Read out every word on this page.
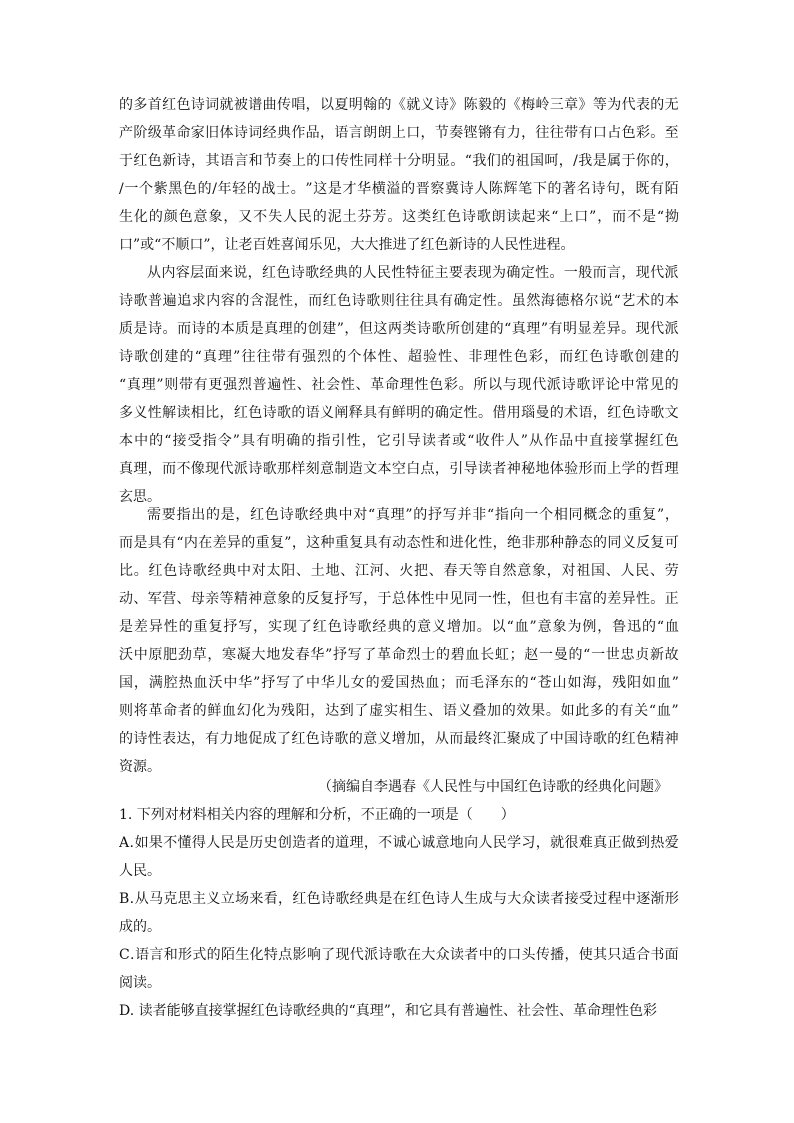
的 多 首 红 色 诗 词 就 被 谱 曲 传 唱 ， 以 夏 明 翰 的 《 就 义 诗 》 陈 毅 的 《 梅 岭 三 章 》 等 为 代 表 的 无
产 阶 级 革 命 家 旧 体 诗 词 经 典 作 品 ， 语 言 朗 朗 上 口 ， 节 奏 铿 锵 有 力 ， 往 往 带 有 口 占 色 彩 。 至
于 红 色 新 诗 ， 其 语 言 和 节 奏 上 的 口 传 性 同 样 十 分 明 显 。 “ 我 们 的 祖 国 呵 ， / 我 是 属 于 你 的 ，
/ 一 个 紫 黑 色 的 / 年 轻 的 战 士 。 ” 这 是 才 华 横 溢 的 晋 察 冀 诗 人 陈 辉 笔 下 的 著 名 诗 句 ， 既 有 陌
生 化 的 颜 色 意 象 ， 又 不 失 人 民 的 泥 土 芬 芳 。 这 类 红 色 诗 歌 朗 读 起 来 “ 上 口 ” ， 而 不 是 “ 拗
口”或“不顺口”，让老百姓喜闻乐见，大大推进了红色新诗的人民性进程。
从 内 容 层 面 来 说 ， 红 色 诗 歌 经 典 的 人 民 性 特 征 主 要 表 现 为 确 定 性 。 一 般 而 言 ， 现 代 派
诗 歌 普 遍 追 求 内 容 的 含 混 性 ， 而 红 色 诗 歌 则 往 往 具 有 确 定 性 。 虽 然 海 德 格 尔 说 “ 艺 术 的 本
质 是 诗 。 而 诗 的 本 质 是 真 理 的 创 建 ” ， 但 这 两 类 诗 歌 所 创 建 的 “ 真 理 ” 有 明 显 差 异 。 现 代 派
诗 歌 创 建 的 “ 真 理 ” 往 往 带 有 强 烈 的 个 体 性 、 超 验 性 、 非 理 性 色 彩 ， 而 红 色 诗 歌 创 建 的
“ 真 理 ” 则 带 有 更 强 烈 普 遍 性 、 社 会 性 、 革 命 理 性 色 彩 。 所 以 与 现 代 派 诗 歌 评 论 中 常 见 的
多 义 性 解 读 相 比 ， 红 色 诗 歌 的 语 义 阐 释 具 有 鲜 明 的 确 定 性 。 借 用 瑙 曼 的 术 语 ， 红 色 诗 歌 文
本 中 的 “ 接 受 指 令 ” 具 有 明 确 的 指 引 性 ， 它 引 导 读 者 或 “ 收 件 人 ” 从 作 品 中 直 接 掌 握 红 色
真 理 ， 而 不 像 现 代 派 诗 歌 那 样 刻 意 制 造 文 本 空 白 点 ， 引 导 读 者 神 秘 地 体 验 形 而 上 学 的 哲 理
玄思。
需 要 指 出 的 是 ， 红 色 诗 歌 经 典 中 对 “ 真 理 ” 的 抒 写 并 非 “ 指 向 一 个 相 同 概 念 的 重 复 ” ，
而 是 具 有 “ 内 在 差 异 的 重 复 ” ， 这 种 重 复 具 有 动 态 性 和 进 化 性 ， 绝 非 那 种 静 态 的 同 义 反 复 可
比 。 红 色 诗 歌 经 典 中 对 太 阳 、 土 地 、 江 河 、 火 把 、 春 天 等 自 然 意 象 ， 对 祖 国 、 人 民 、 劳
动 、 军 营 、 母 亲 等 精 神 意 象 的 反 复 抒 写 ， 于 总 体 性 中 见 同 一 性 ， 但 也 有 丰 富 的 差 异 性 。 正
是 差 异 性 的 重 复 抒 写 ， 实 现 了 红 色 诗 歌 经 典 的 意 义 增 加 。 以 “ 血 ” 意 象 为 例 ， 鲁 迅 的 “ 血
沃 中 原 肥 劲 草 ， 寒 凝 大 地 发 春 华 ” 抒 写 了 革 命 烈 士 的 碧 血 长 虹 ； 赵 一 曼 的 “ 一 世 忠 贞 新 故
国 ， 满 腔 热 血 沃 中 华 ” 抒 写 了 中 华 儿 女 的 爱 国 热 血 ； 而 毛 泽 东 的 “ 苍 山 如 海 ， 残 阳 如 血 ”
则 将 革 命 者 的 鲜 血 幻 化 为 残 阳 ， 达 到 了 虚 实 相 生 、 语 义 叠 加 的 效 果 。 如 此 多 的 有 关 “ 血 ”
的 诗 性 表 达 ， 有 力 地 促 成 了 红 色 诗 歌 的 意 义 增 加 ， 从 而 最 终 汇 聚 成 了 中 国 诗 歌 的 红 色 精 神
资源。
（摘编自李遇春《人民性与中国红色诗歌的经典化问题》
1. 下列对材料相关内容的理解和分析，不正确的一项是（　　）
A . 如 果 不 懂 得 人 民 是 历 史 创 造 者 的 道 理 ， 不 诚 心 诚 意 地 向 人 民 学 习 ， 就 很 难 真 正 做 到 热 爱
人民。
B . 从 马 克 思 主 义 立 场 来 看 ， 红 色 诗 歌 经 典 是 在 红 色 诗 人 生 成 与 大 众 读 者 接 受 过 程 中 逐 渐 形
成的。
C . 语 言 和 形 式 的 陌 生 化 特 点 影 响 了 现 代 派 诗 歌 在 大 众 读 者 中 的 口 头 传 播 ， 使 其 只 适 合 书 面
阅读。
D. 读者能够直接掌握红色诗歌经典的“真理”，和它具有普遍性、社会性、革命理性色彩
